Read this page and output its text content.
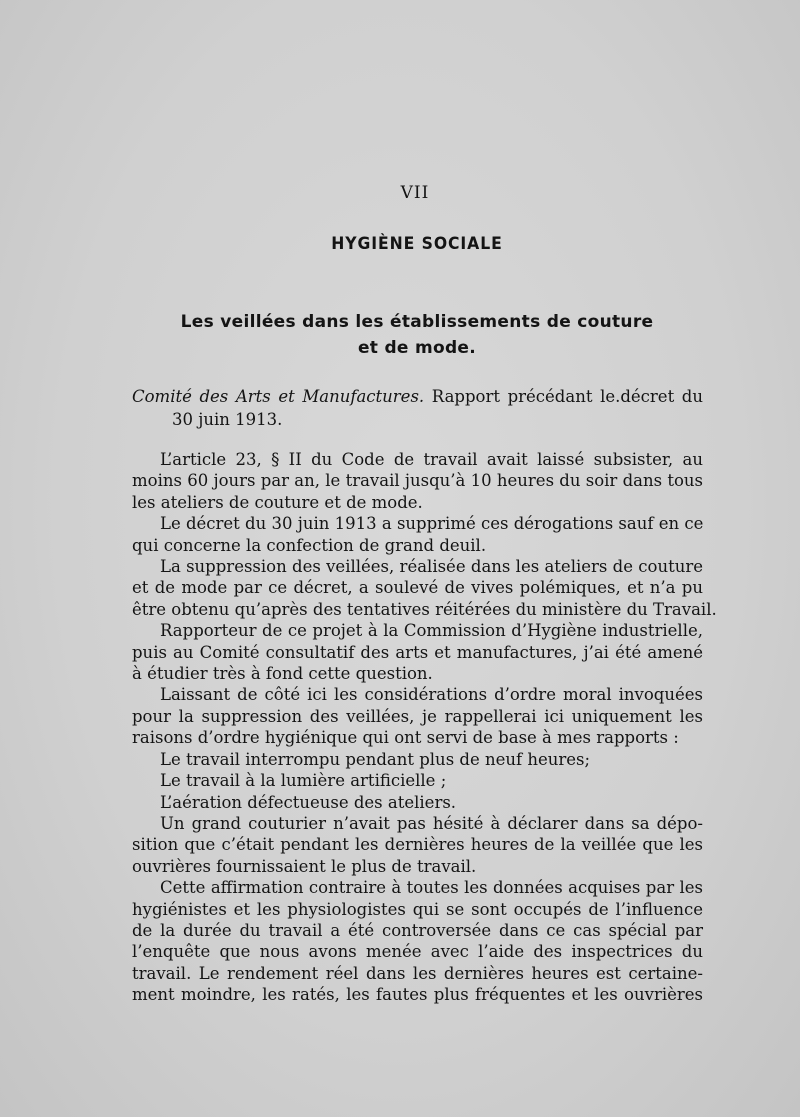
VII
HYGIÈNE SOCIALE
Les veillées dans les établissements de couture
et de mode.
Comité des Arts et Manufactures. Rapport précédant le.décret du
30 juin 1913.
L’article 23, § II du Code de travail avait laissé subsister, au
moins 60 jours par an, le travail jusqu’à 10 heures du soir dans tous
les ateliers de couture et de mode.
Le décret du 30 juin 1913 a supprimé ces dérogations sauf en ce
qui concerne la confection de grand deuil.
La suppression des veillées, réalisée dans les ateliers de couture
et de mode par ce décret, a soulevé de vives polémiques, et n’a pu
être obtenu qu’après des tentatives réitérées du ministère du Travail.
Rapporteur de ce projet à la Commission d’Hygiène industrielle,
puis au Comité consultatif des arts et manufactures, j’ai été amené
à étudier très à fond cette question.
Laissant de côté ici les considérations d’ordre moral invoquées
pour la suppression des veillées, je rappellerai ici uniquement les
raisons d’ordre hygiénique qui ont servi de base à mes rapports :
Le travail interrompu pendant plus de neuf heures;
Le travail à la lumière artificielle ;
L’aération défectueuse des ateliers.
Un grand couturier n’avait pas hésité à déclarer dans sa dépo-
sition que c’était pendant les dernières heures de la veillée que les
ouvrières fournissaient le plus de travail.
Cette affirmation contraire à toutes les données acquises par les
hygiénistes et les physiologistes qui se sont occupés de l’influence
de la durée du travail a été controversée dans ce cas spécial par
l’enquête que nous avons menée avec l’aide des inspectrices du
travail. Le rendement réel dans les dernières heures est certaine-
ment moindre, les ratés, les fautes plus fréquentes et les ouvrières
